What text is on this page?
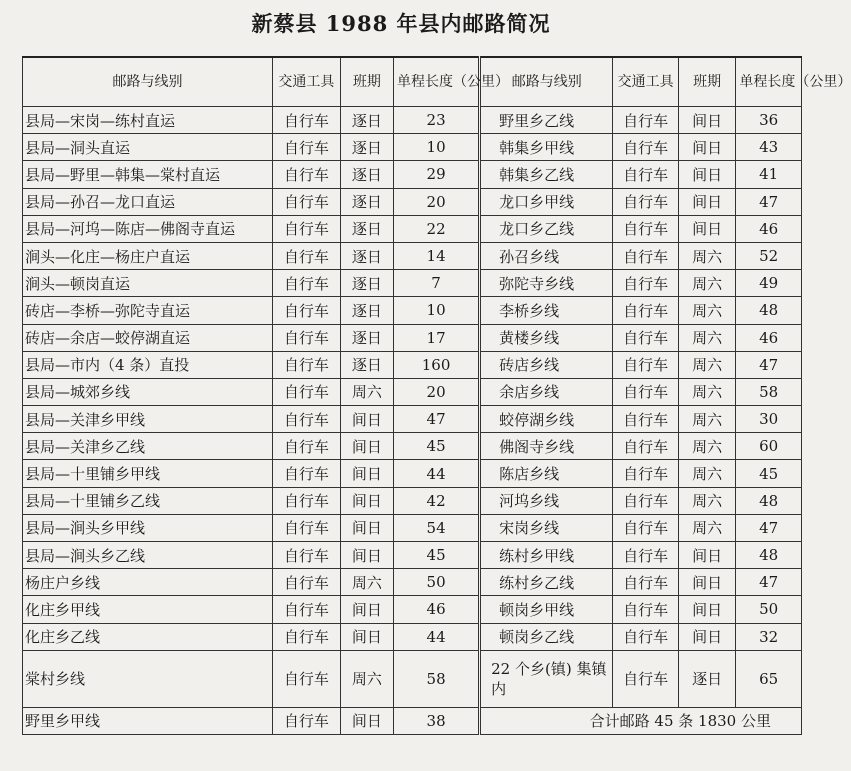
新蔡县 1988 年县内邮路简况
邮路与线别	交通工具	班期	单程长度（公里）	邮路与线别	交通工具	班期	单程长度（公里）
县局—宋岗—练村直运	自行车	逐日	23	野里乡乙线	自行车	间日	36
县局—洞头直运	自行车	逐日	10	韩集乡甲线	自行车	间日	43
县局—野里—韩集—棠村直运	自行车	逐日	29	韩集乡乙线	自行车	间日	41
县局—孙召—龙口直运	自行车	逐日	20	龙口乡甲线	自行车	间日	47
县局—河坞—陈店—佛阁寺直运	自行车	逐日	22	龙口乡乙线	自行车	间日	46
涧头—化庄—杨庄户直运	自行车	逐日	14	孙召乡线	自行车	周六	52
涧头—顿岗直运	自行车	逐日	7	弥陀寺乡线	自行车	周六	49
砖店—李桥—弥陀寺直运	自行车	逐日	10	李桥乡线	自行车	周六	48
砖店—余店—蛟停湖直运	自行车	逐日	17	黄楼乡线	自行车	周六	46
县局—市内（4 条）直投	自行车	逐日	160	砖店乡线	自行车	周六	47
县局—城郊乡线	自行车	周六	20	余店乡线	自行车	周六	58
县局—关津乡甲线	自行车	间日	47	蛟停湖乡线	自行车	周六	30
县局—关津乡乙线	自行车	间日	45	佛阁寺乡线	自行车	周六	60
县局—十里铺乡甲线	自行车	间日	44	陈店乡线	自行车	周六	45
县局—十里铺乡乙线	自行车	间日	42	河坞乡线	自行车	周六	48
县局—涧头乡甲线	自行车	间日	54	宋岗乡线	自行车	周六	47
县局—涧头乡乙线	自行车	间日	45	练村乡甲线	自行车	间日	48
杨庄户乡线	自行车	周六	50	练村乡乙线	自行车	间日	47
化庄乡甲线	自行车	间日	46	顿岗乡甲线	自行车	间日	50
化庄乡乙线	自行车	间日	44	顿岗乡乙线	自行车	间日	32
棠村乡线	自行车	周六	58	22 个乡(镇) 集镇内	自行车	逐日	65
野里乡甲线	自行车	间日	38	合计邮路 45 条 1830 公里			
